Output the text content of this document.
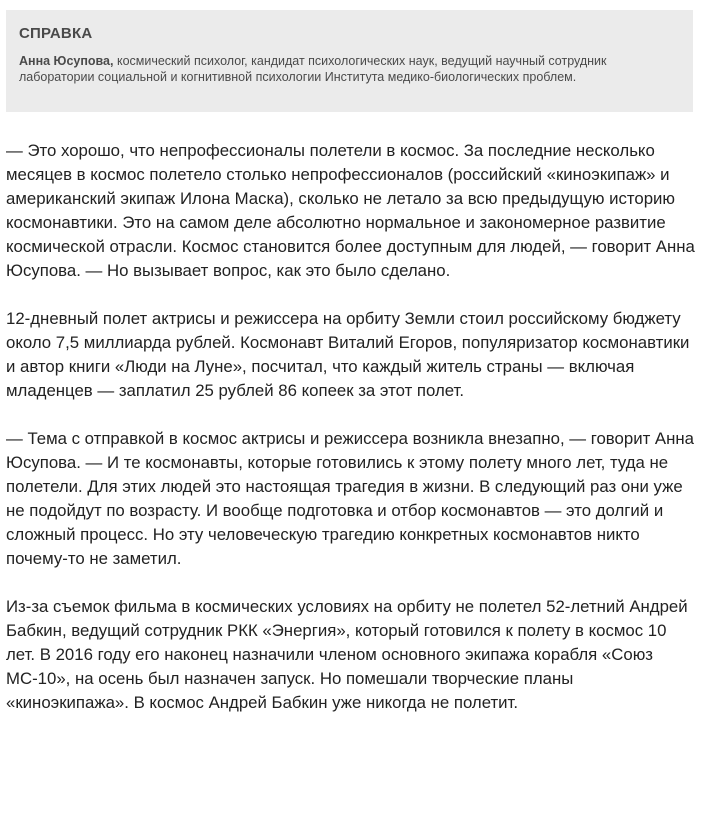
СПРАВКА

Анна Юсупова, космический психолог, кандидат психологических наук, ведущий научный сотрудник лаборатории социальной и когнитивной психологии Института медико-биологических проблем.

— Это хорошо, что непрофессионалы полетели в космос. За последние несколько месяцев в космос полетело столько непрофессионалов (российский «киноэкипаж» и американский экипаж Илона Маска), сколько не летало за всю предыдущую историю космонавтики. Это на самом деле абсолютно нормальное и закономерное развитие космической отрасли. Космос становится более доступным для людей, — говорит Анна Юсупова. — Но вызывает вопрос, как это было сделано.

12-дневный полет актрисы и режиссера на орбиту Земли стоил российскому бюджету около 7,5 миллиарда рублей. Космонавт Виталий Егоров, популяризатор космонавтики и автор книги «Люди на Луне», посчитал, что каждый житель страны — включая младенцев — заплатил 25 рублей 86 копеек за этот полет.

— Тема с отправкой в космос актрисы и режиссера возникла внезапно, — говорит Анна Юсупова. — И те космонавты, которые готовились к этому полету много лет, туда не полетели. Для этих людей это настоящая трагедия в жизни. В следующий раз они уже не подойдут по возрасту. И вообще подготовка и отбор космонавтов — это долгий и сложный процесс. Но эту человеческую трагедию конкретных космонавтов никто почему-то не заметил.

Из-за съемок фильма в космических условиях на орбиту не полетел 52-летний Андрей Бабкин, ведущий сотрудник РКК «Энергия», который готовился к полету в космос 10 лет. В 2016 году его наконец назначили членом основного экипажа корабля «Союз МС-10», на осень был назначен запуск. Но помешали творческие планы «киноэкипажа». В космос Андрей Бабкин уже никогда не полетит.
